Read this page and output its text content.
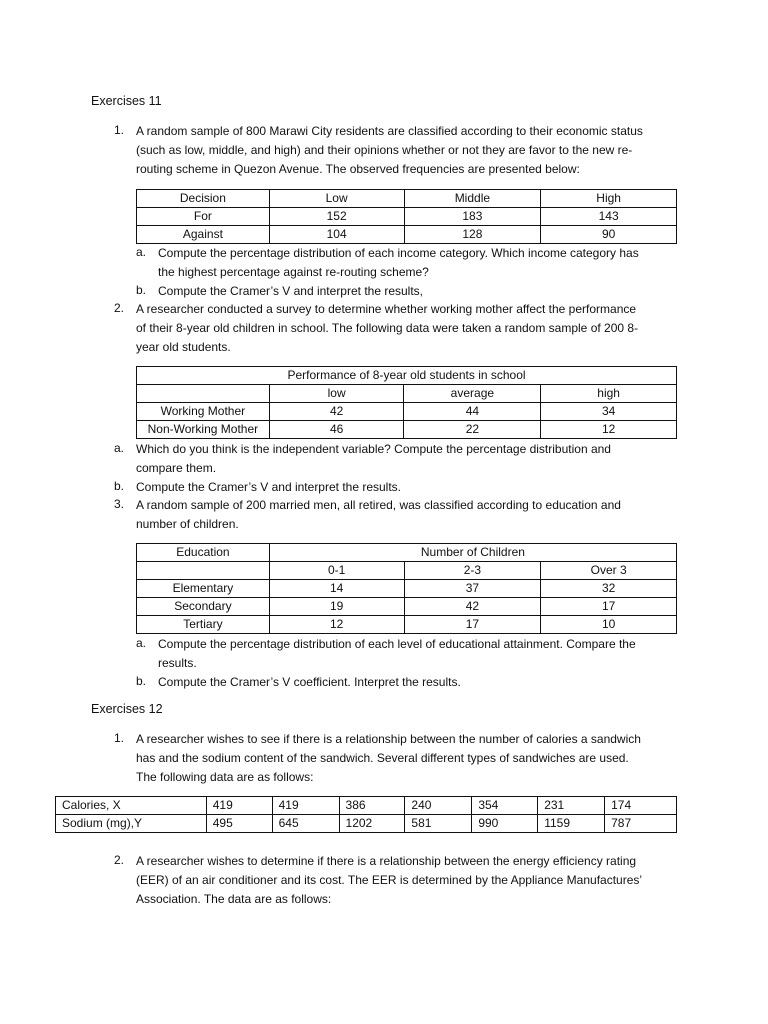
Exercises 11
1. A random sample of 800 Marawi City residents are classified according to their economic status
(such as low, middle, and high) and their opinions whether or not they are favor to the new re-
routing scheme in Quezon Avenue. The observed frequencies are presented below:
Decision	Low	Middle	High
For	152	183	143
Against	104	128	90
a. Compute the percentage distribution of each income category. Which income category has
the highest percentage against re-routing scheme?
b. Compute the Cramer’s V and interpret the results,
2. A researcher conducted a survey to determine whether working mother affect the performance
of their 8-year old children in school. The following data were taken a random sample of 200 8-
year old students.
Performance of 8-year old students in school			
	low	average	high
Working Mother	42	44	34
Non-Working Mother	46	22	12
a. Which do you think is the independent variable? Compute the percentage distribution and
compare them.
b. Compute the Cramer’s V and interpret the results.
3. A random sample of 200 married men, all retired, was classified according to education and
number of children.
Education	Number of Children		
	0-1	2-3	Over 3
Elementary	14	37	32
Secondary	19	42	17
Tertiary	12	17	10
a. Compute the percentage distribution of each level of educational attainment. Compare the
results.
b. Compute the Cramer’s V coefficient. Interpret the results.
Exercises 12
1. A researcher wishes to see if there is a relationship between the number of calories a sandwich
has and the sodium content of the sandwich. Several different types of sandwiches are used.
The following data are as follows:
Calories, X	419	419	386	240	354	231	174
Sodium (mg),Y	495	645	1202	581	990	1159	787
2. A researcher wishes to determine if there is a relationship between the energy efficiency rating
(EER) of an air conditioner and its cost. The EER is determined by the Appliance Manufactures’
Association. The data are as follows:
